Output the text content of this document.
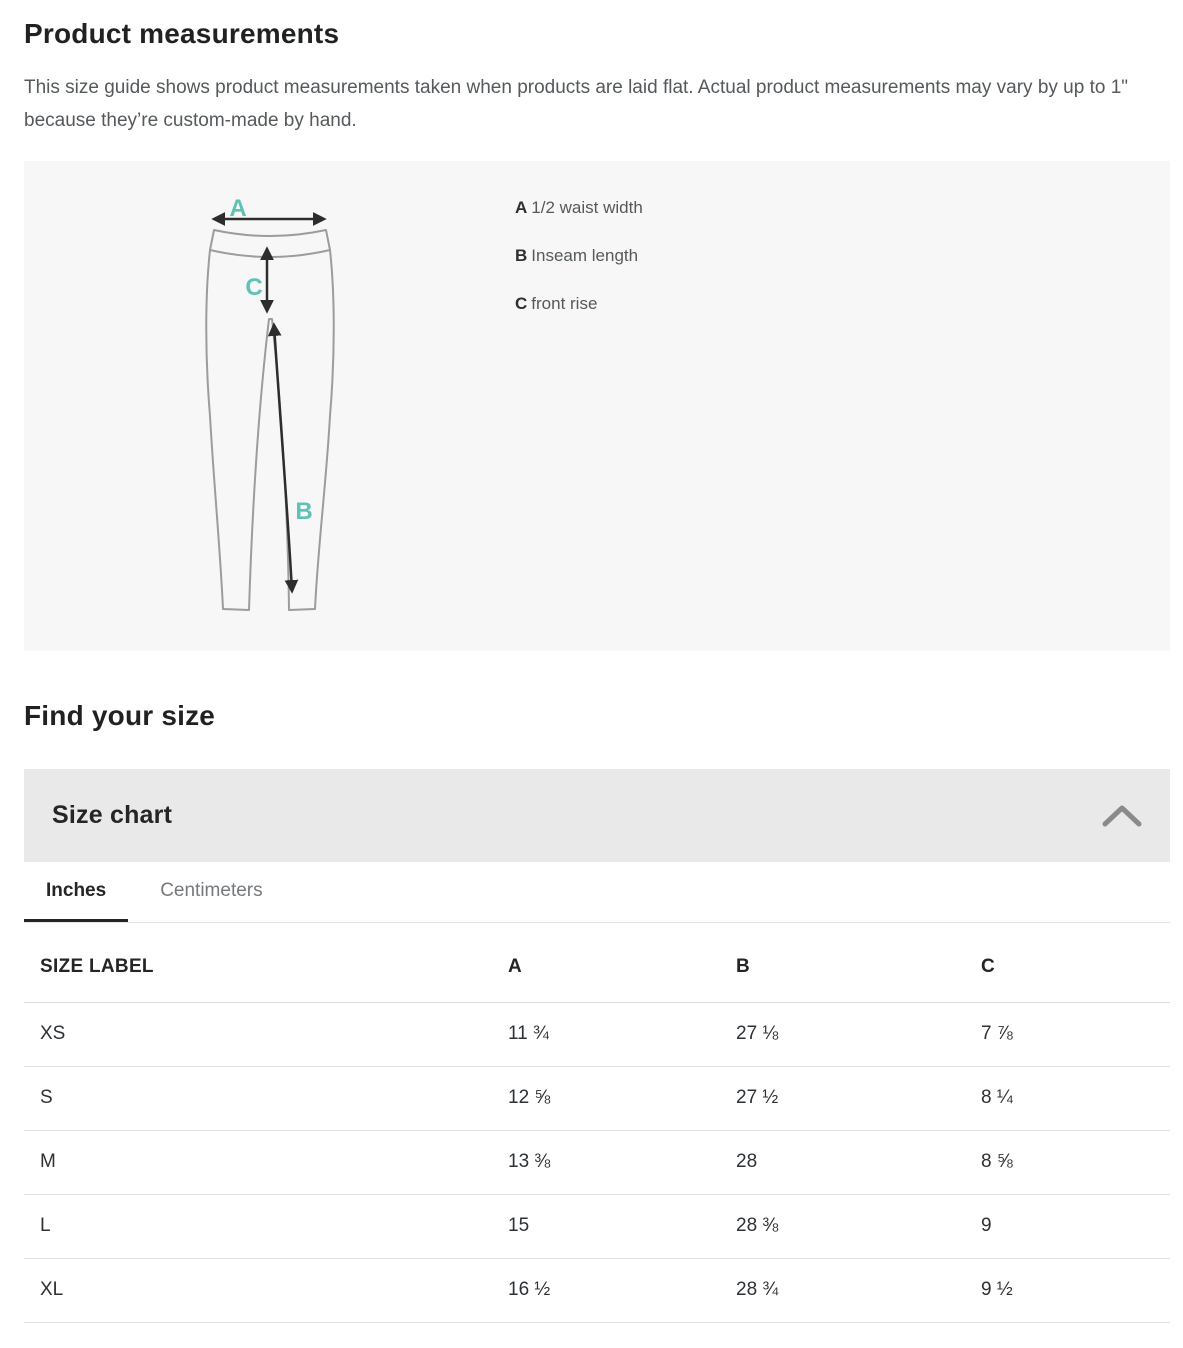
Product measurements

This size guide shows product measurements taken when products are laid flat. Actual product measurements may vary by up to 1" because they’re custom-made by hand.

A
C
B
A 1/2 waist width
B Inseam length
C front rise
Find your size
Size chart
Inches	Centimeters
SIZE LABEL	A	B	C
XS	11 ¾	27 ⅛	7 ⅞
S	12 ⅝	27 ½	8 ¼
M	13 ⅜	28	8 ⅝
L	15	28 ⅜	9
XL	16 ½	28 ¾	9 ½
